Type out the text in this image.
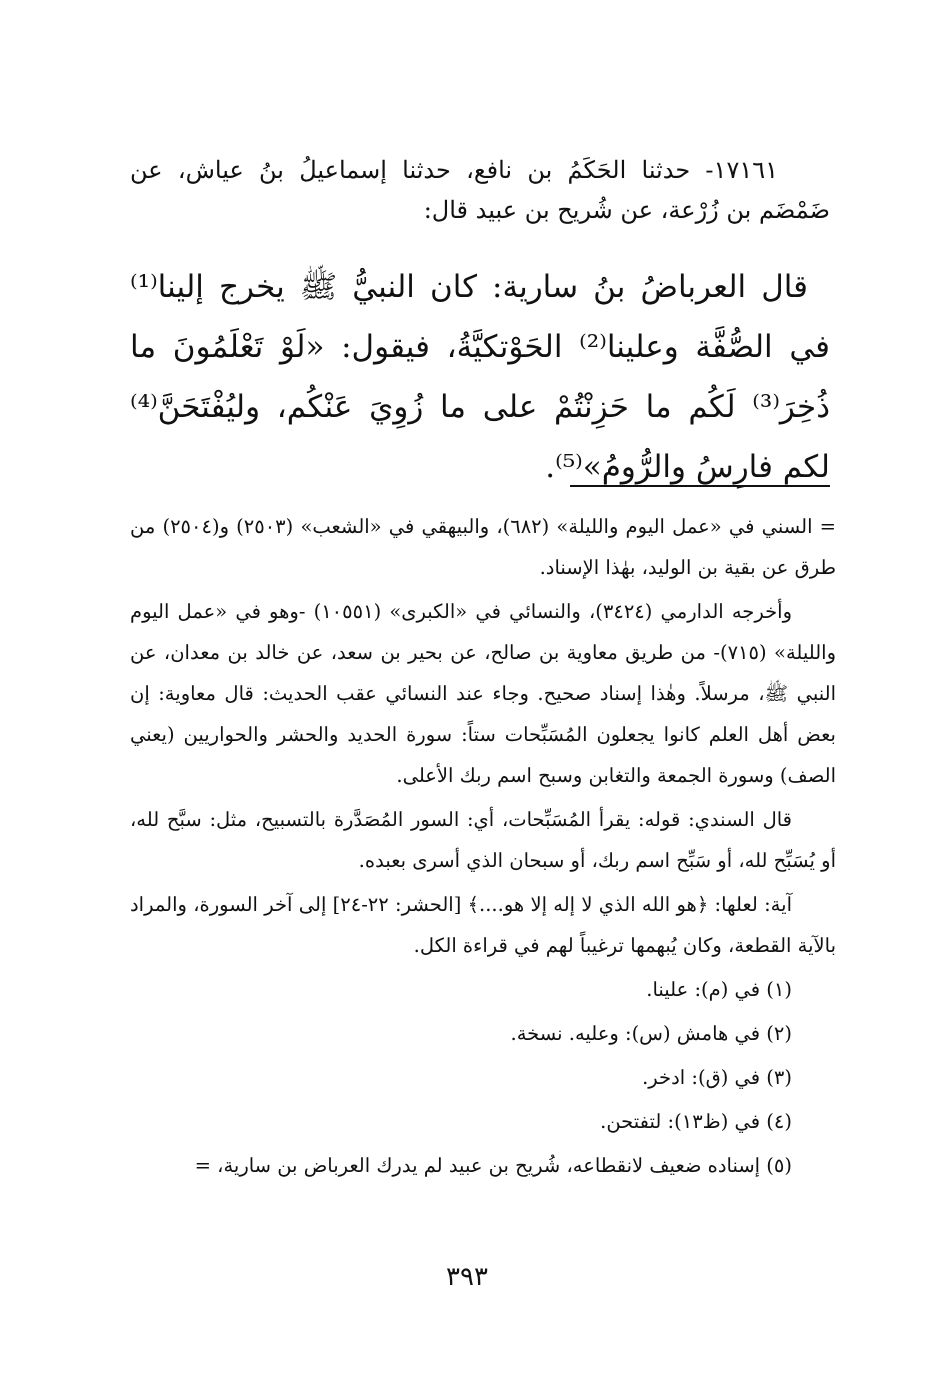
١٧١٦١- حدثنا الحَكَمُ بن نافع، حدثنا إسماعيلُ بنُ عياش، عن ضَمْضَم بن زُرْعة، عن شُريح بن عبيد قال:

قال العرباضُ بنُ سارية: كان النبيُّ ﷺ يخرج إلينا⁽¹⁾ في الصُّفَّة وعلينا⁽²⁾ الحَوْتكيَّةُ، فيقول: «لَوْ تَعْلَمُونَ ما ذُخِرَ⁽³⁾ لَكُم ما حَزِنْتُمْ على ما زُوِيَ عَنْكُم، وليُفْتَحَنَّ⁽⁴⁾ لكم فارِسُ والرُّومُ»⁽⁵⁾.

= السني في «عمل اليوم والليلة» (٦٨٢)، والبيهقي في «الشعب» (٢٥٠٣) و(٢٥٠٤) من طرق عن بقية بن الوليد، بهٰذا الإسناد.

وأخرجه الدارمي (٣٤٢٤)، والنسائي في «الكبرى» (١٠٥٥١) -وهو في «عمل اليوم والليلة» (٧١٥)- من طريق معاوية بن صالح، عن بحير بن سعد، عن خالد بن معدان، عن النبي ﷺ، مرسلاً. وهٰذا إسناد صحيح. وجاء عند النسائي عقب الحديث: قال معاوية: إن بعض أهل العلم كانوا يجعلون المُسَبِّحات ستاً: سورة الحديد والحشر والحواريين (يعني الصف) وسورة الجمعة والتغابن وسبح اسم ربك الأعلى.

قال السندي: قوله: يقرأ المُسَبِّحات، أي: السور المُصَدَّرة بالتسبيح، مثل: سبَّح لله، أو يُسَبِّح لله، أو سَبِّح اسم ربك، أو سبحان الذي أسرى بعبده.

آية: لعلها: ﴿هو الله الذي لا إله إلا هو....﴾ [الحشر: ٢٢-٢٤] إلى آخر السورة، والمراد بالآية القطعة، وكان يُبهمها ترغيباً لهم في قراءة الكل.

(١) في (م): علينا.

(٢) في هامش (س): وعليه. نسخة.

(٣) في (ق): ادخر.

(٤) في (ظ١٣): لتفتحن.

(٥) إسناده ضعيف لانقطاعه، شُريح بن عبيد لم يدرك العرباض بن سارية، =

٣٩٣
